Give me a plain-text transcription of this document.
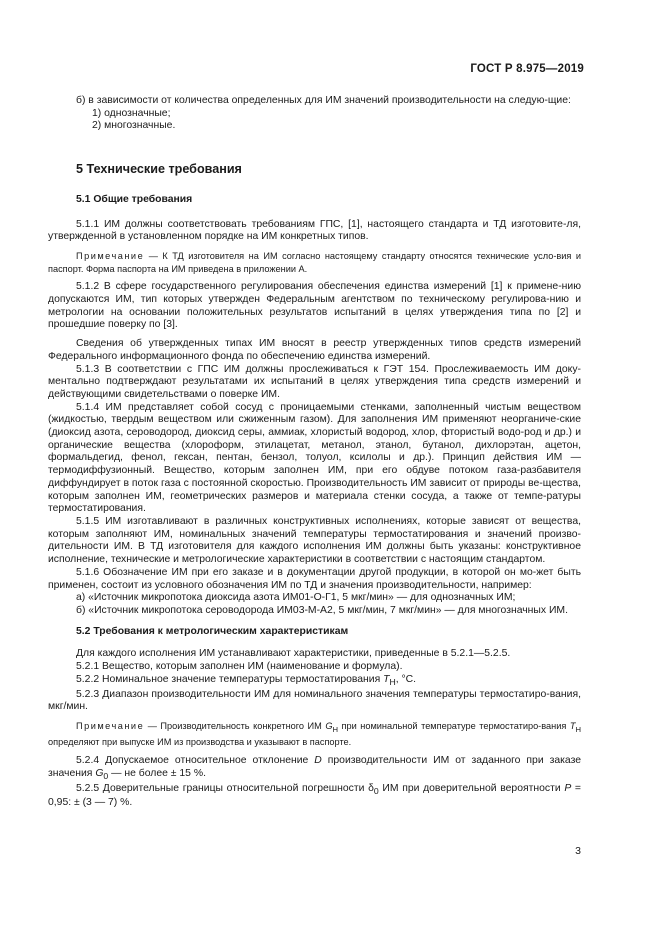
ГОСТ Р 8.975—2019

б) в зависимости от количества определенных для ИМ значений производительности на следую-щие:

1) однозначные;

2) многозначные.

5 Технические требования
5.1 Общие требования

5.1.1 ИМ должны соответствовать требованиям ГПС, [1], настоящего стандарта и ТД изготовите-ля, утвержденной в установленном порядке на ИМ конкретных типов.

Примечание — К ТД изготовителя на ИМ согласно настоящему стандарту относятся технические усло-вия и паспорт. Форма паспорта на ИМ приведена в приложении А.

5.1.2 В сфере государственного регулирования обеспечения единства измерений [1] к примене-нию допускаются ИМ, тип которых утвержден Федеральным агентством по техническому регулирова-нию и метрологии на основании положительных результатов испытаний в целях утверждения типа по [2] и прошедшие поверку по [3].

Сведения об утвержденных типах ИМ вносят в реестр утвержденных типов средств измерений Федерального информационного фонда по обеспечению единства измерений.

5.1.3 В соответствии с ГПС ИМ должны прослеживаться к ГЭТ 154. Прослеживаемость ИМ доку-ментально подтверждают результатами их испытаний в целях утверждения типа средств измерений и действующими свидетельствами о поверке ИМ.

5.1.4 ИМ представляет собой сосуд с проницаемыми стенками, заполненный чистым веществом (жидкостью, твердым веществом или сжиженным газом). Для заполнения ИМ применяют неорганиче-ские (диоксид азота, сероводород, диоксид серы, аммиак, хлористый водород, хлор, фтористый водо-род и др.) и органические вещества (хлороформ, этилацетат, метанол, этанол, бутанол, дихлорэтан, ацетон, формальдегид, фенол, гексан, пентан, бензол, толуол, ксилолы и др.). Принцип действия ИМ — термодиффузионный. Вещество, которым заполнен ИМ, при его обдуве потоком газа-разбавителя диффундирует в поток газа с постоянной скоростью. Производительность ИМ зависит от природы ве-щества, которым заполнен ИМ, геометрических размеров и материала стенки сосуда, а также от темпе-ратуры термостатирования.

5.1.5 ИМ изготавливают в различных конструктивных исполнениях, которые зависят от вещества, которым заполняют ИМ, номинальных значений температуры термостатирования и значений произво-дительности ИМ. В ТД изготовителя для каждого исполнения ИМ должны быть указаны: конструктивное исполнение, технические и метрологические характеристики в соответствии с настоящим стандартом.

5.1.6 Обозначение ИМ при его заказе и в документации другой продукции, в которой он мо-жет быть применен, состоит из условного обозначения ИМ по ТД и значения производительности, например:

а) «Источник микропотока диоксида азота ИМ01-О-Г1, 5 мкг/мин» — для однозначных ИМ;

б) «Источник микропотока сероводорода ИМ03-М-А2, 5 мкг/мин, 7 мкг/мин» — для многозначных ИМ.

5.2 Требования к метрологическим характеристикам

Для каждого исполнения ИМ устанавливают характеристики, приведенные в 5.2.1—5.2.5.

5.2.1 Вещество, которым заполнен ИМ (наименование и формула).

5.2.2 Номинальное значение температуры термостатирования $T_Н$, °С.

5.2.3 Диапазон производительности ИМ для номинального значения температуры термостатиро-вания, мкг/мин.

Примечание — Производительность конкретного ИМ $G_Н$ при номинальной температуре термостатиро-вания $T_Н$ определяют при выпуске ИМ из производства и указывают в паспорте.

5.2.4 Допускаемое относительное отклонение D производительности ИМ от заданного при заказе значения $G_0$ — не более ± 15 %.

5.2.5 Доверительные границы относительной погрешности $\delta_0$ ИМ при доверительной вероятности P = 0,95: ± (3 — 7) %.

3
